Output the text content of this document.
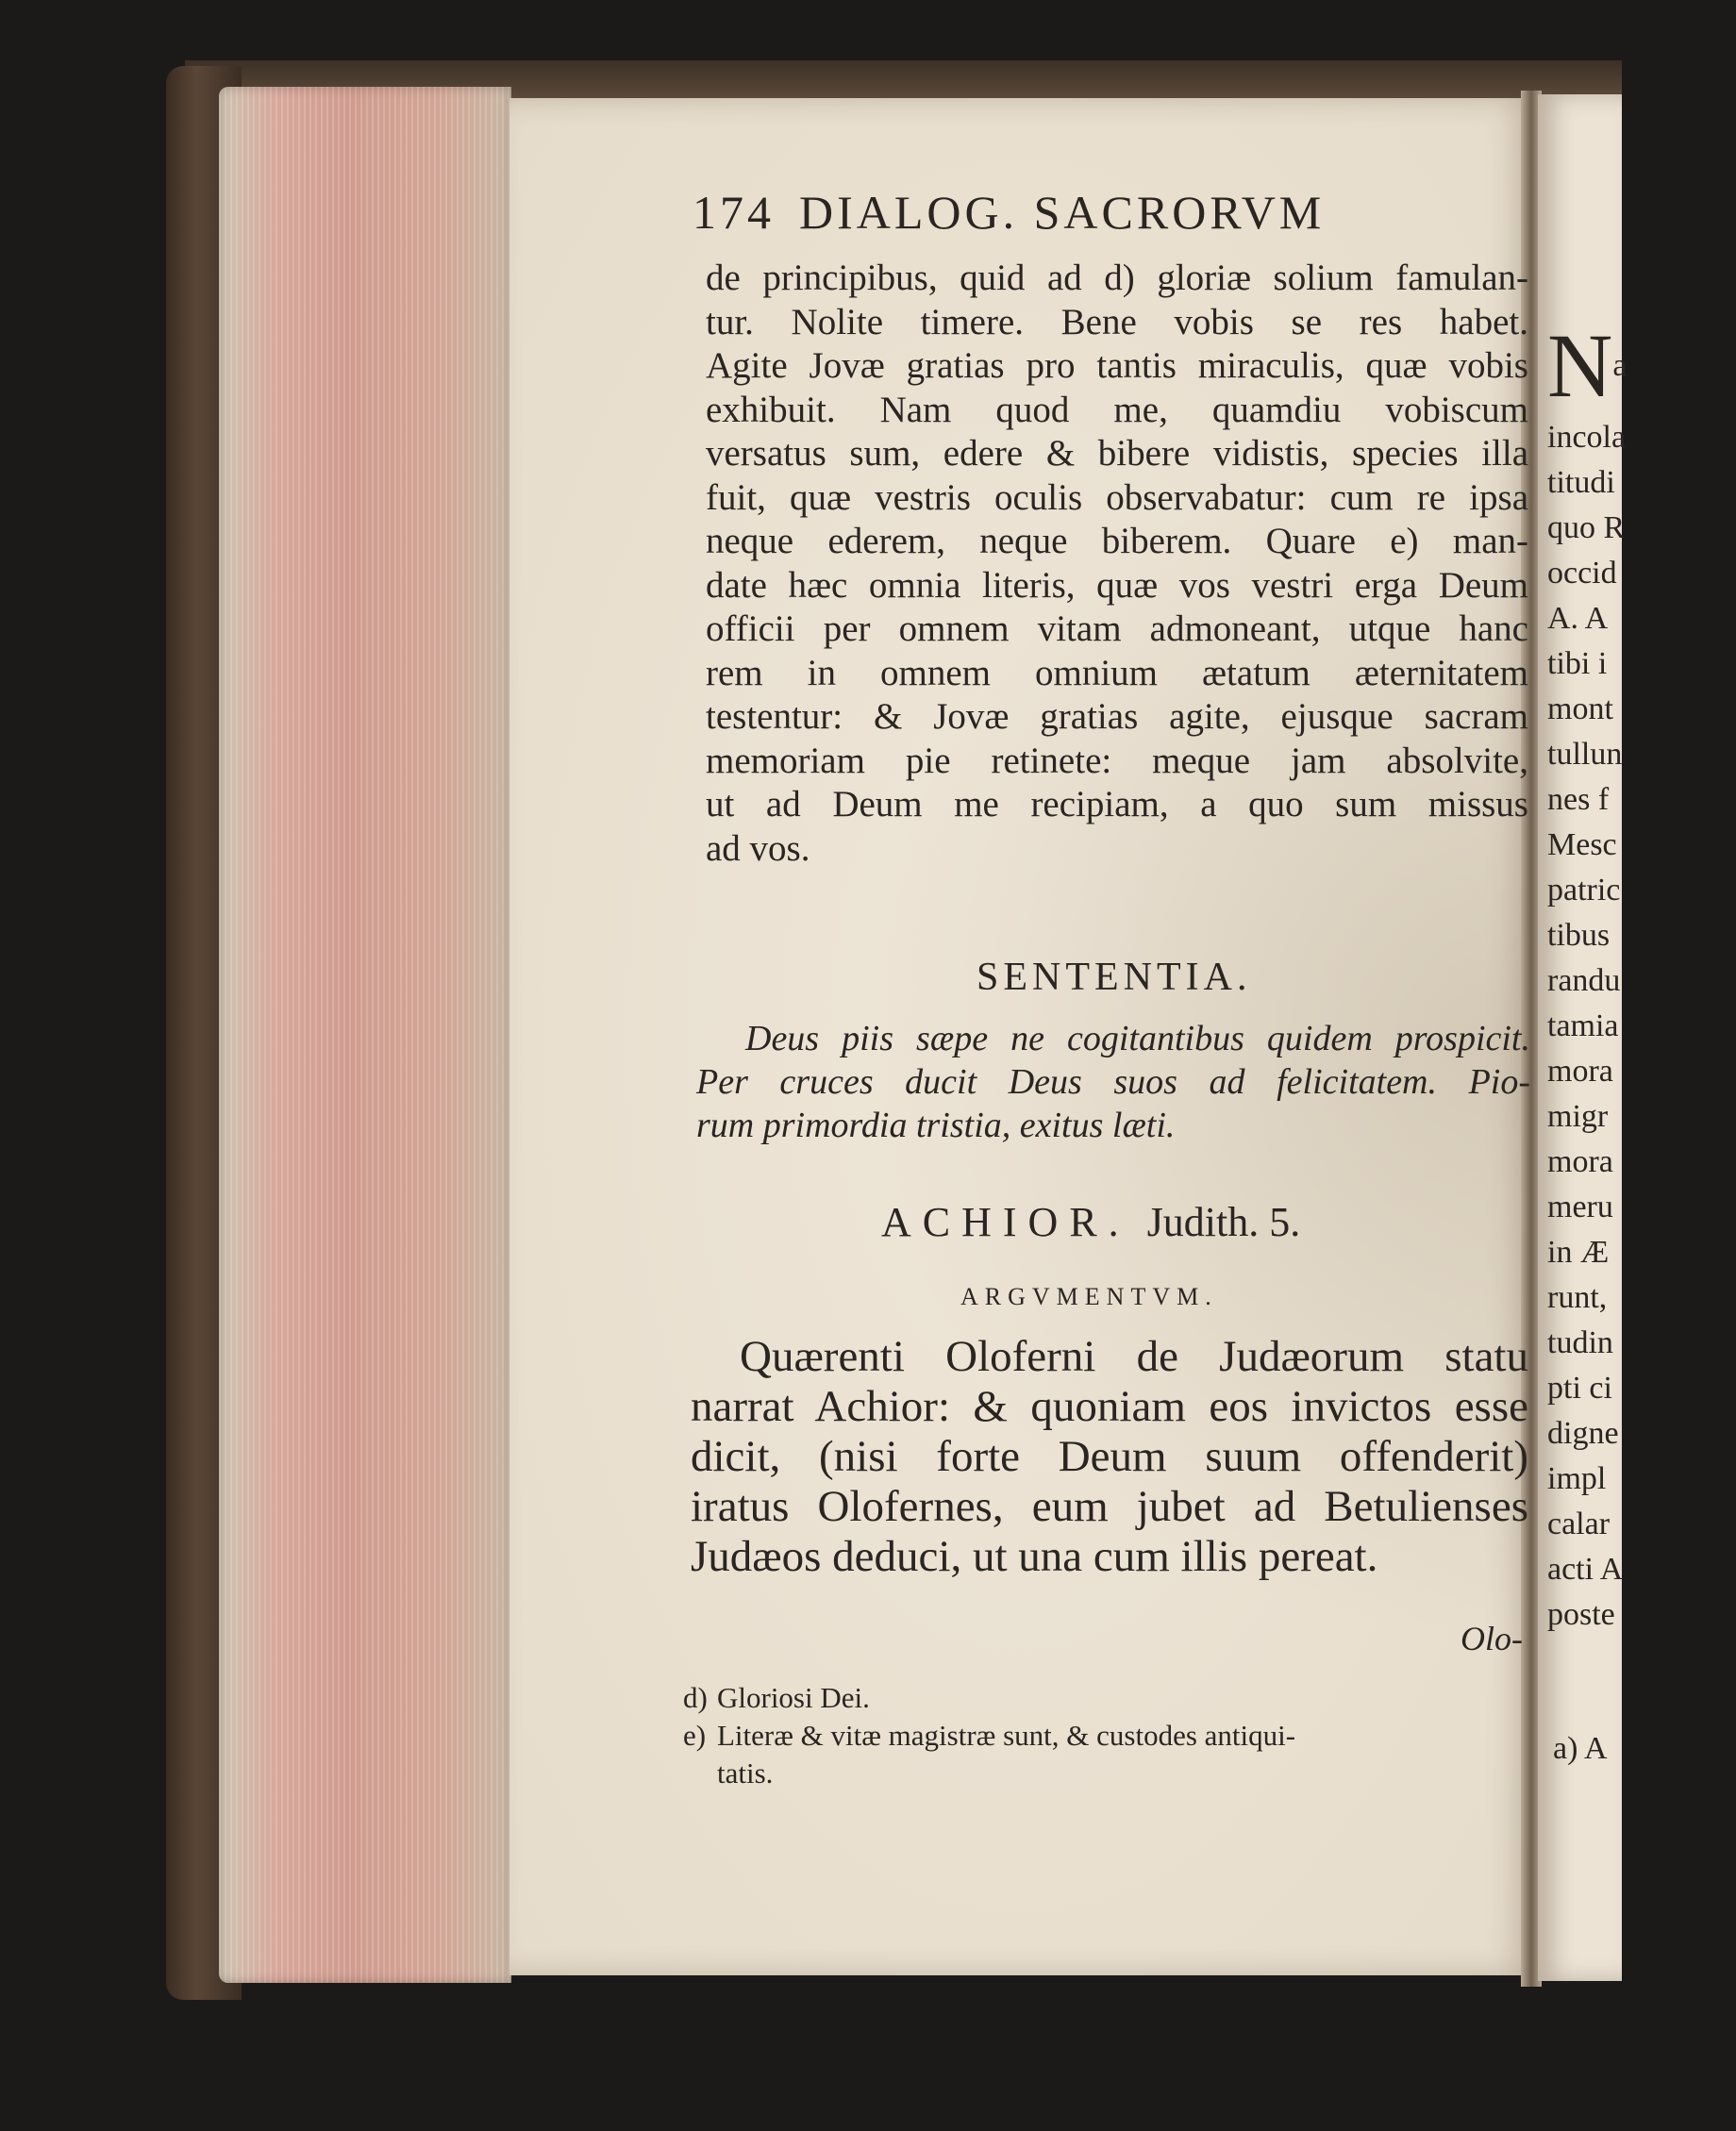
174 DIALOG. SACRORVM
de principibus, quid ad d) gloriæ solium famulan-
tur. Nolite timere. Bene vobis se res habet.
Agite Jovæ gratias pro tantis miraculis, quæ vobis
exhibuit. Nam quod me, quamdiu vobiscum
versatus sum, edere & bibere vidistis, species illa
fuit, quæ vestris oculis observabatur: cum re ipsa
neque ederem, neque biberem. Quare e) man-
date hæc omnia literis, quæ vos vestri erga Deum
officii per omnem vitam admoneant, utque hanc
rem in omnem omnium ætatum æternitatem
testentur: & Jovæ gratias agite, ejusque sacram
memoriam pie retinete: meque jam absolvite,
ut ad Deum me recipiam, a quo sum missus
ad vos.
SENTENTIA.
Deus piis sæpe ne cogitantibus quidem prospicit.
Per cruces ducit Deus suos ad felicitatem. Pio-
rum primordia tristia, exitus læti.
ACHIOR. Judith. 5.
ARGVMENTVM.
Quærenti Oloferni de Judæorum statu
narrat Achior: & quoniam eos invictos esse
dicit, (nisi forte Deum suum offenderit)
iratus Olofernes, eum jubet ad Betulienses
Judæos deduci, ut una cum illis pereat.
Olo-
d) Gloriosi Dei.
e) Literæ & vitæ magistræ sunt, & custodes antiqui-
tatis.
$N^a$
incola
titudi
quo R
occid
A. A
tibi i
mont
tullun
nes f
Mesc
patric
tibus
randu
tamia
mora
migr
mora
meru
in Æ
runt,
tudin
pti ci
digne
impl
calar
acti A
poste
a) A
